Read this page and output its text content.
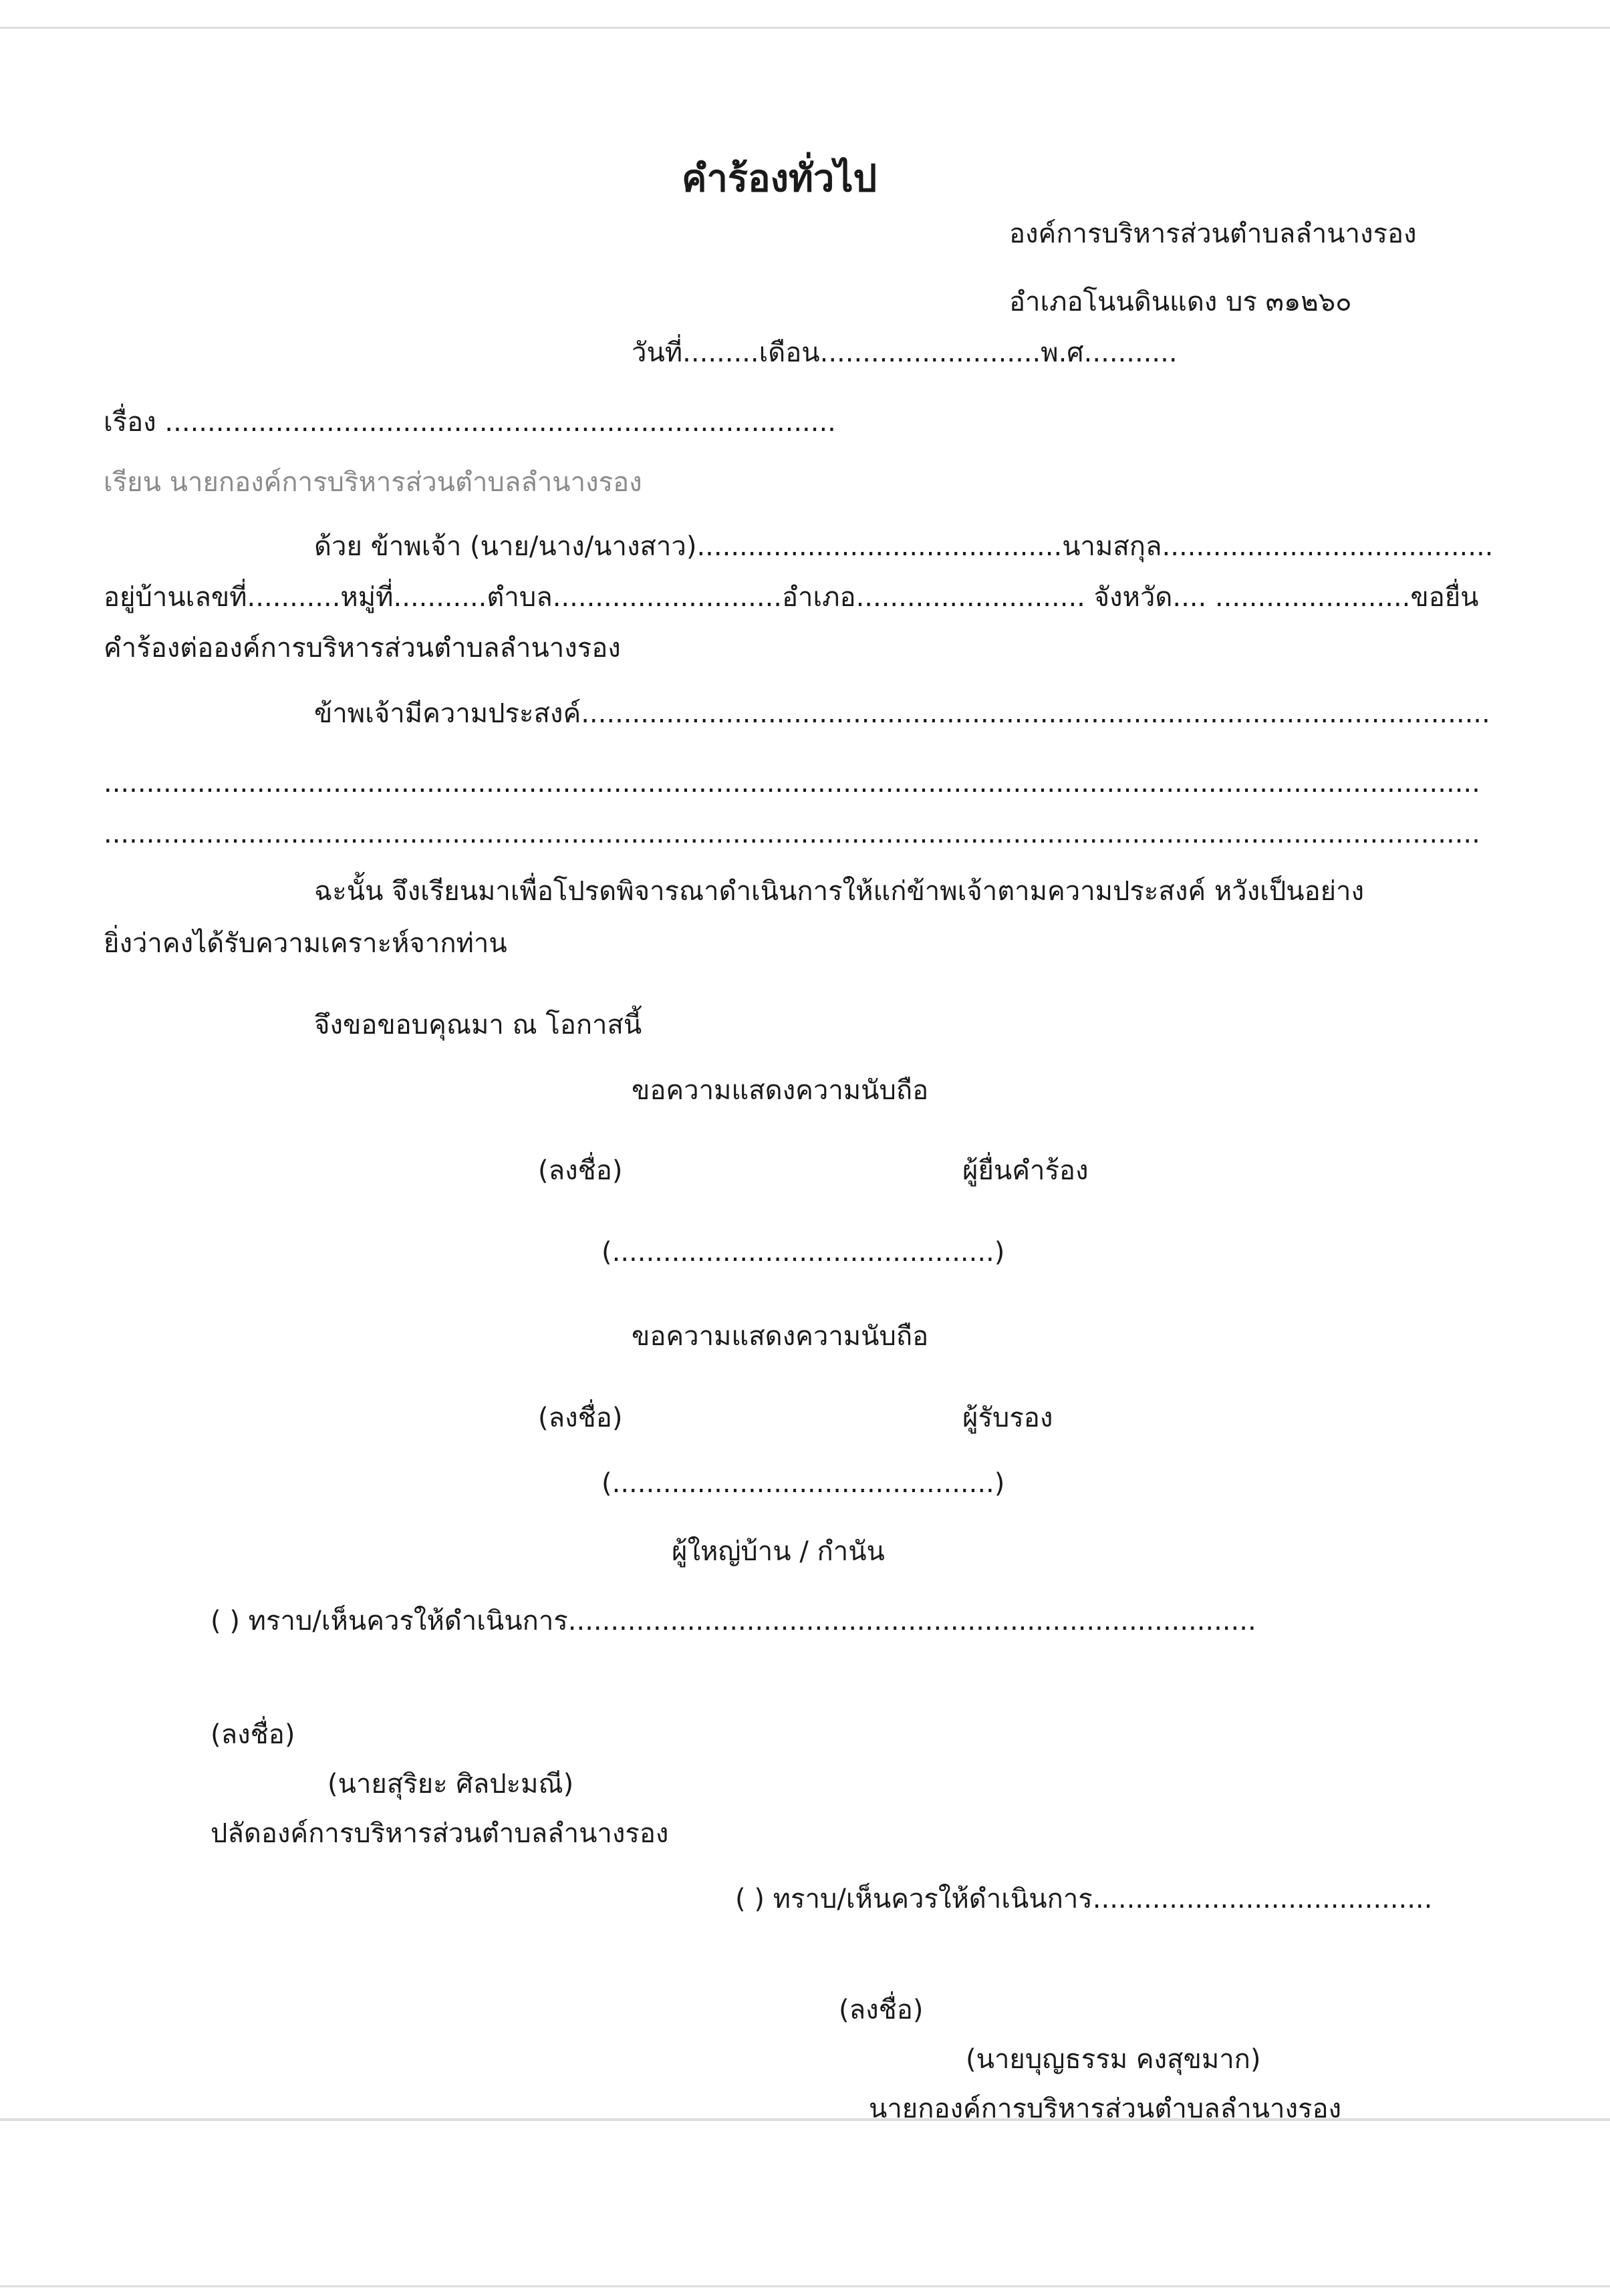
คำร้องทั่วไป
องค์การบริหารส่วนตำบลลำนางรอง
อำเภอโนนดินแดง บร ๓๑๒๖๐
วันที่.........เดือน..........................พ.ศ...........
เรื่อง ...............................................................................
เรียน นายกองค์การบริหารส่วนตำบลลำนางรอง
ด้วย ข้าพเจ้า (นาย/นาง/นางสาว)...........................................นามสกุล.......................................
อยู่บ้านเลขที่...........หมู่ที่...........ตำบล...........................อำเภอ........................... จังหวัด.... .......................ขอยื่น
คำร้องต่อองค์การบริหารส่วนตำบลลำนางรอง
ข้าพเจ้ามีความประสงค์...........................................................................................................
..................................................................................................................................................................
..................................................................................................................................................................
ฉะนั้น จึงเรียนมาเพื่อโปรดพิจารณาดำเนินการให้แก่ข้าพเจ้าตามความประสงค์ หวังเป็นอย่าง
ยิ่งว่าคงได้รับความเคราะห์จากท่าน
จึงขอขอบคุณมา ณ โอกาสนี้
ขอความแสดงความนับถือ
(ลงชื่อ)	ผู้ยื่นคำร้อง
(.............................................)
ขอความแสดงความนับถือ
(ลงชื่อ)	ผู้รับรอง
(.............................................)
ผู้ใหญ่บ้าน / กำนัน
( ) ทราบ/เห็นควรให้ดำเนินการ.................................................................................
(ลงชื่อ)
(นายสุริยะ ศิลปะมณี)
ปลัดองค์การบริหารส่วนตำบลลำนางรอง
( ) ทราบ/เห็นควรให้ดำเนินการ........................................
(ลงชื่อ)
(นายบุญธรรม คงสุขมาก)
นายกองค์การบริหารส่วนตำบลลำนางรอง
